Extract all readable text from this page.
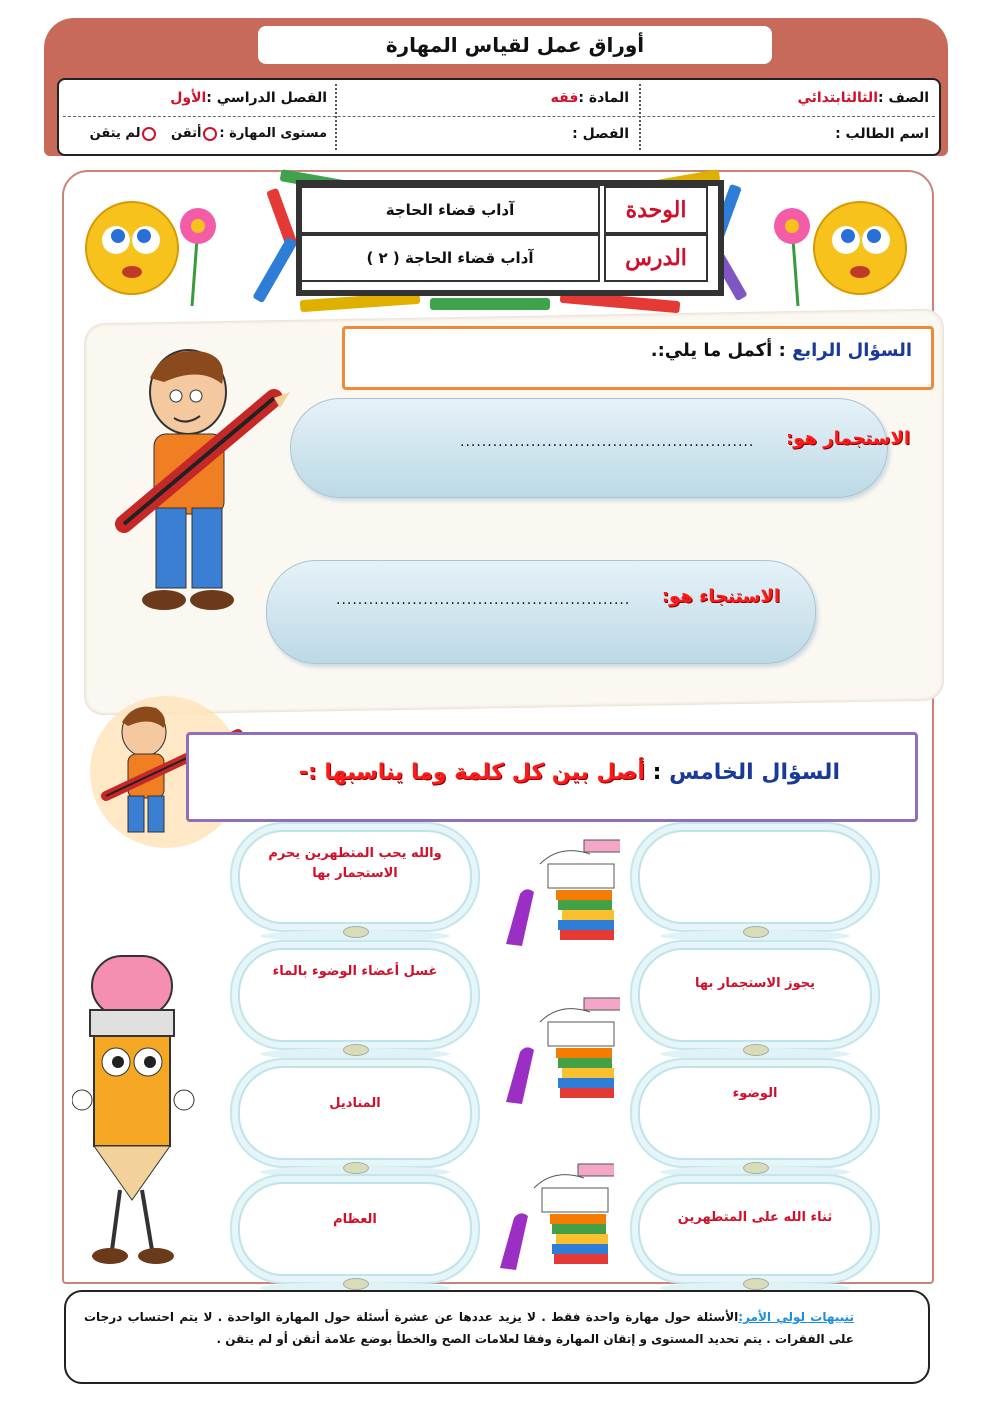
أوراق عمل لقياس المهارة
الصف :الثالثابتدائي
المادة :فقه
الفصل الدراسي :الأول
اسم الطالب :
الفصل :
مستوى المهارة :أتقن لم يتقن
الوحدة
آداب قضاء الحاجة
الدرس
آداب قضاء الحاجة ( ٢ )
السؤال الرابع : أكمل ما يلي:.
الاستجمار هو:
......................................................
الاستنجاء هو:
......................................................
السؤال الخامس : أصل بين كل كلمة وما يناسبها :-
والله يحب المتطهرين يحرم الاستجمار بها
غسل أعضاء الوضوء بالماء
المناديل
العظام
يجوز الاستجمار بها
الوضوء
ثناء الله على المتطهرين
تنبيهات لولي الأمر:الأسئلة حول مهارة واحدة فقط . لا يزيد عددها عن عشرة أسئلة حول المهارة الواحدة . لا يتم احتساب درجات على الفقرات . يتم تحديد المستوى و إتقان المهارة وفقا لعلامات الصح والخطأ بوضع علامة أتقن أو لم يتقن .
